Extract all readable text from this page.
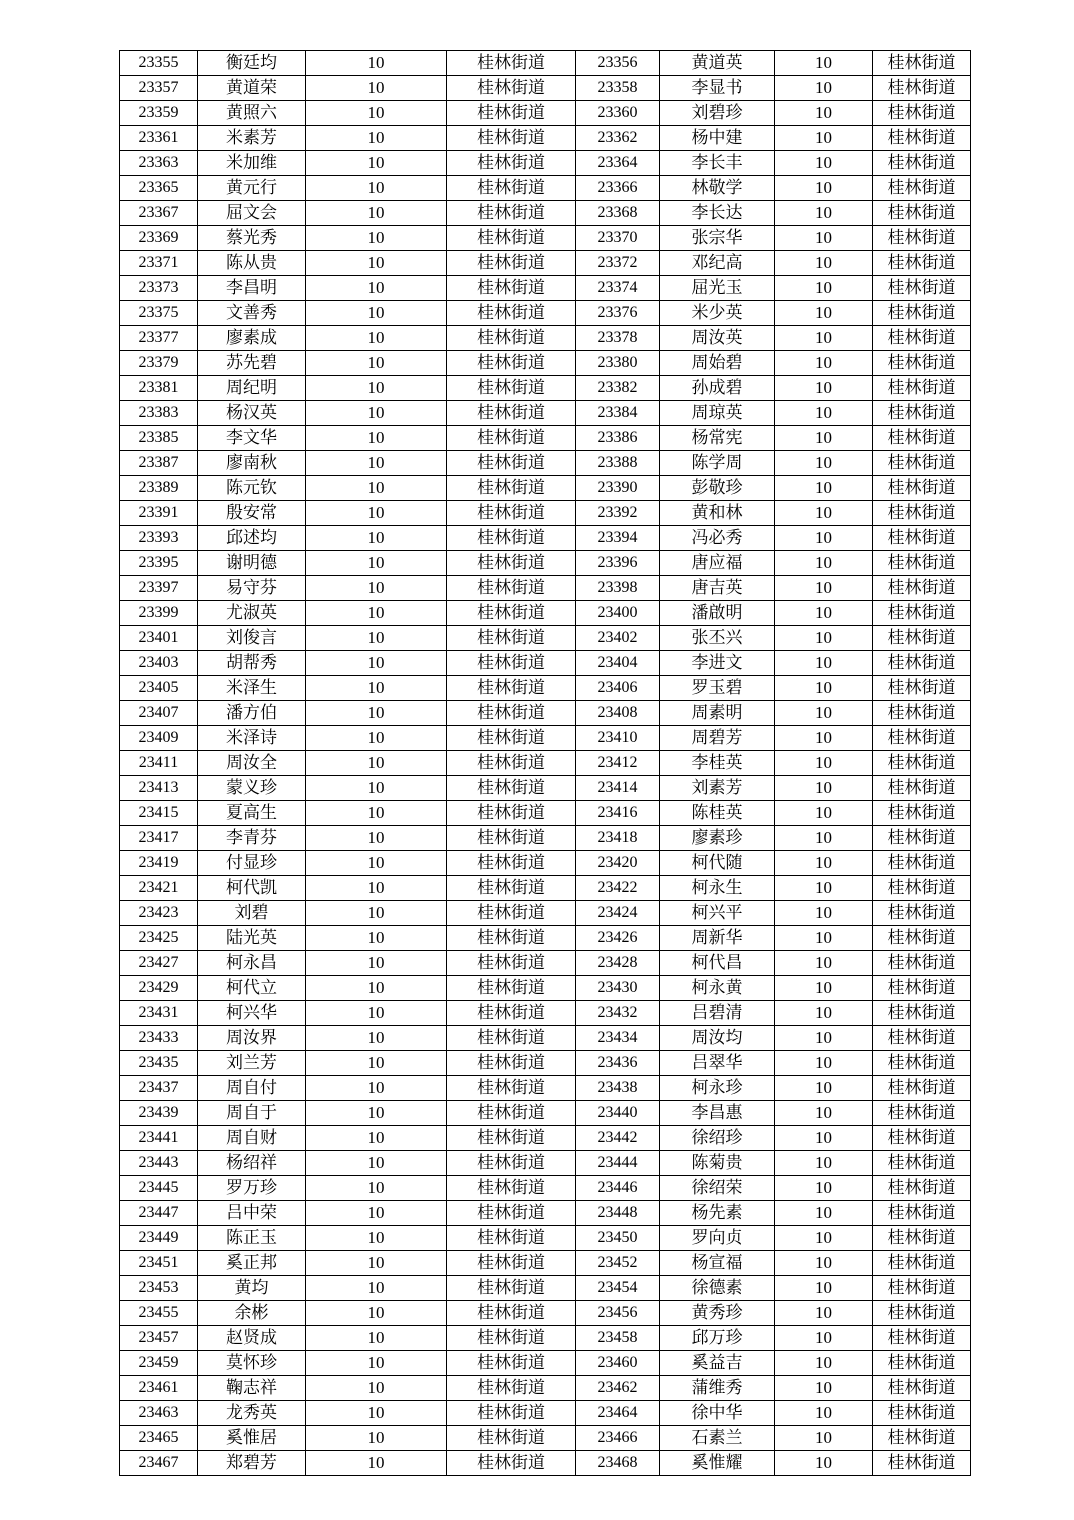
23355	衡廷均	10	桂林街道	23356	黄道英	10	桂林街道
23357	黄道荣	10	桂林街道	23358	李显书	10	桂林街道
23359	黄照六	10	桂林街道	23360	刘碧珍	10	桂林街道
23361	米素芳	10	桂林街道	23362	杨中建	10	桂林街道
23363	米加维	10	桂林街道	23364	李长丰	10	桂林街道
23365	黄元行	10	桂林街道	23366	林敬学	10	桂林街道
23367	屈文会	10	桂林街道	23368	李长达	10	桂林街道
23369	蔡光秀	10	桂林街道	23370	张宗华	10	桂林街道
23371	陈从贵	10	桂林街道	23372	邓纪高	10	桂林街道
23373	李昌明	10	桂林街道	23374	屈光玉	10	桂林街道
23375	文善秀	10	桂林街道	23376	米少英	10	桂林街道
23377	廖素成	10	桂林街道	23378	周汝英	10	桂林街道
23379	苏先碧	10	桂林街道	23380	周始碧	10	桂林街道
23381	周纪明	10	桂林街道	23382	孙成碧	10	桂林街道
23383	杨汉英	10	桂林街道	23384	周琼英	10	桂林街道
23385	李文华	10	桂林街道	23386	杨常宪	10	桂林街道
23387	廖南秋	10	桂林街道	23388	陈学周	10	桂林街道
23389	陈元钦	10	桂林街道	23390	彭敬珍	10	桂林街道
23391	殷安常	10	桂林街道	23392	黄和林	10	桂林街道
23393	邱述均	10	桂林街道	23394	冯必秀	10	桂林街道
23395	谢明德	10	桂林街道	23396	唐应福	10	桂林街道
23397	易守芬	10	桂林街道	23398	唐吉英	10	桂林街道
23399	尤淑英	10	桂林街道	23400	潘啟明	10	桂林街道
23401	刘俊言	10	桂林街道	23402	张丕兴	10	桂林街道
23403	胡帮秀	10	桂林街道	23404	李进文	10	桂林街道
23405	米泽生	10	桂林街道	23406	罗玉碧	10	桂林街道
23407	潘方伯	10	桂林街道	23408	周素明	10	桂林街道
23409	米泽诗	10	桂林街道	23410	周碧芳	10	桂林街道
23411	周汝全	10	桂林街道	23412	李桂英	10	桂林街道
23413	蒙义珍	10	桂林街道	23414	刘素芳	10	桂林街道
23415	夏高生	10	桂林街道	23416	陈桂英	10	桂林街道
23417	李青芬	10	桂林街道	23418	廖素珍	10	桂林街道
23419	付显珍	10	桂林街道	23420	柯代随	10	桂林街道
23421	柯代凯	10	桂林街道	23422	柯永生	10	桂林街道
23423	刘碧	10	桂林街道	23424	柯兴平	10	桂林街道
23425	陆光英	10	桂林街道	23426	周新华	10	桂林街道
23427	柯永昌	10	桂林街道	23428	柯代昌	10	桂林街道
23429	柯代立	10	桂林街道	23430	柯永黄	10	桂林街道
23431	柯兴华	10	桂林街道	23432	吕碧清	10	桂林街道
23433	周汝界	10	桂林街道	23434	周汝均	10	桂林街道
23435	刘兰芳	10	桂林街道	23436	吕翠华	10	桂林街道
23437	周自付	10	桂林街道	23438	柯永珍	10	桂林街道
23439	周自于	10	桂林街道	23440	李昌惠	10	桂林街道
23441	周自财	10	桂林街道	23442	徐绍珍	10	桂林街道
23443	杨绍祥	10	桂林街道	23444	陈菊贵	10	桂林街道
23445	罗万珍	10	桂林街道	23446	徐绍荣	10	桂林街道
23447	吕中荣	10	桂林街道	23448	杨先素	10	桂林街道
23449	陈正玉	10	桂林街道	23450	罗向贞	10	桂林街道
23451	奚正邦	10	桂林街道	23452	杨宣福	10	桂林街道
23453	黄均	10	桂林街道	23454	徐德素	10	桂林街道
23455	余彬	10	桂林街道	23456	黄秀珍	10	桂林街道
23457	赵贤成	10	桂林街道	23458	邱万珍	10	桂林街道
23459	莫怀珍	10	桂林街道	23460	奚益吉	10	桂林街道
23461	鞠志祥	10	桂林街道	23462	蒲维秀	10	桂林街道
23463	龙秀英	10	桂林街道	23464	徐中华	10	桂林街道
23465	奚惟居	10	桂林街道	23466	石素兰	10	桂林街道
23467	郑碧芳	10	桂林街道	23468	奚惟耀	10	桂林街道
